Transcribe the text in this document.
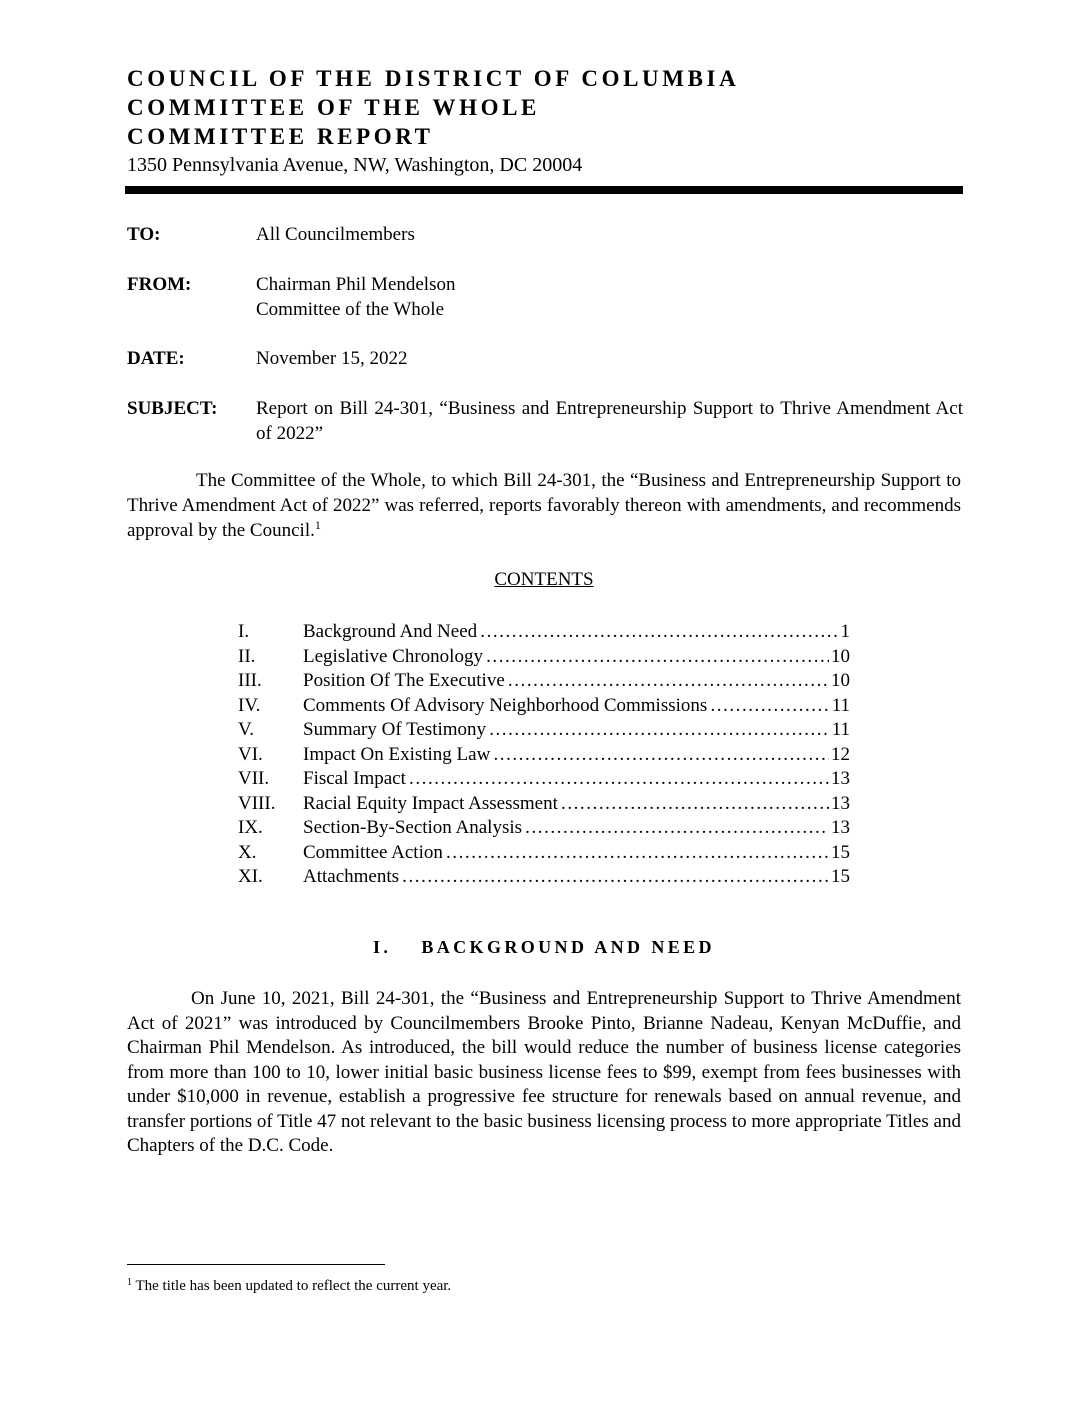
COUNCIL OF THE DISTRICT OF COLUMBIA
COMMITTEE OF THE WHOLE
COMMITTEE REPORT
1350 Pennsylvania Avenue, NW, Washington, DC 20004
TO:	All Councilmembers
FROM:	Chairman Phil Mendelson
Committee of the Whole
DATE:	November 15, 2022
SUBJECT: Report on Bill 24-301, “Business and Entrepreneurship Support to Thrive Amendment Act of 2022”
The Committee of the Whole, to which Bill 24-301, the “Business and Entrepreneurship Support to Thrive Amendment Act of 2022” was referred, reports favorably thereon with amendments, and recommends approval by the Council.$^1$
CONTENTS
I.	Background And Need . . .	1
II.	Legislative Chronology . . .	10
III. Position Of The Executive . . .	10
IV. Comments Of Advisory Neighborhood Commissions . . .	11
V.	Summary Of Testimony . . .	11
VI. Impact On Existing Law . . .	12
VII. Fiscal Impact . . .	13
VIII. Racial Equity Impact Assessment . . .	13
IX. Section-By-Section Analysis . . .	13
X. Committee Action . . .	15
XI. Attachments . . .	15
I. BACKGROUND AND NEED
On June 10, 2021, Bill 24-301, the “Business and Entrepreneurship Support to Thrive Amendment Act of 2021” was introduced by Councilmembers Brooke Pinto, Brianne Nadeau, Kenyan McDuffie, and Chairman Phil Mendelson. As introduced, the bill would reduce the number of business license categories from more than 100 to 10, lower initial basic business license fees to $99, exempt from fees businesses with under $10,000 in revenue, establish a progressive fee structure for renewals based on annual revenue, and transfer portions of Title 47 not relevant to the basic business licensing process to more appropriate Titles and Chapters of the D.C. Code.
$^1$ The title has been updated to reflect the current year.
